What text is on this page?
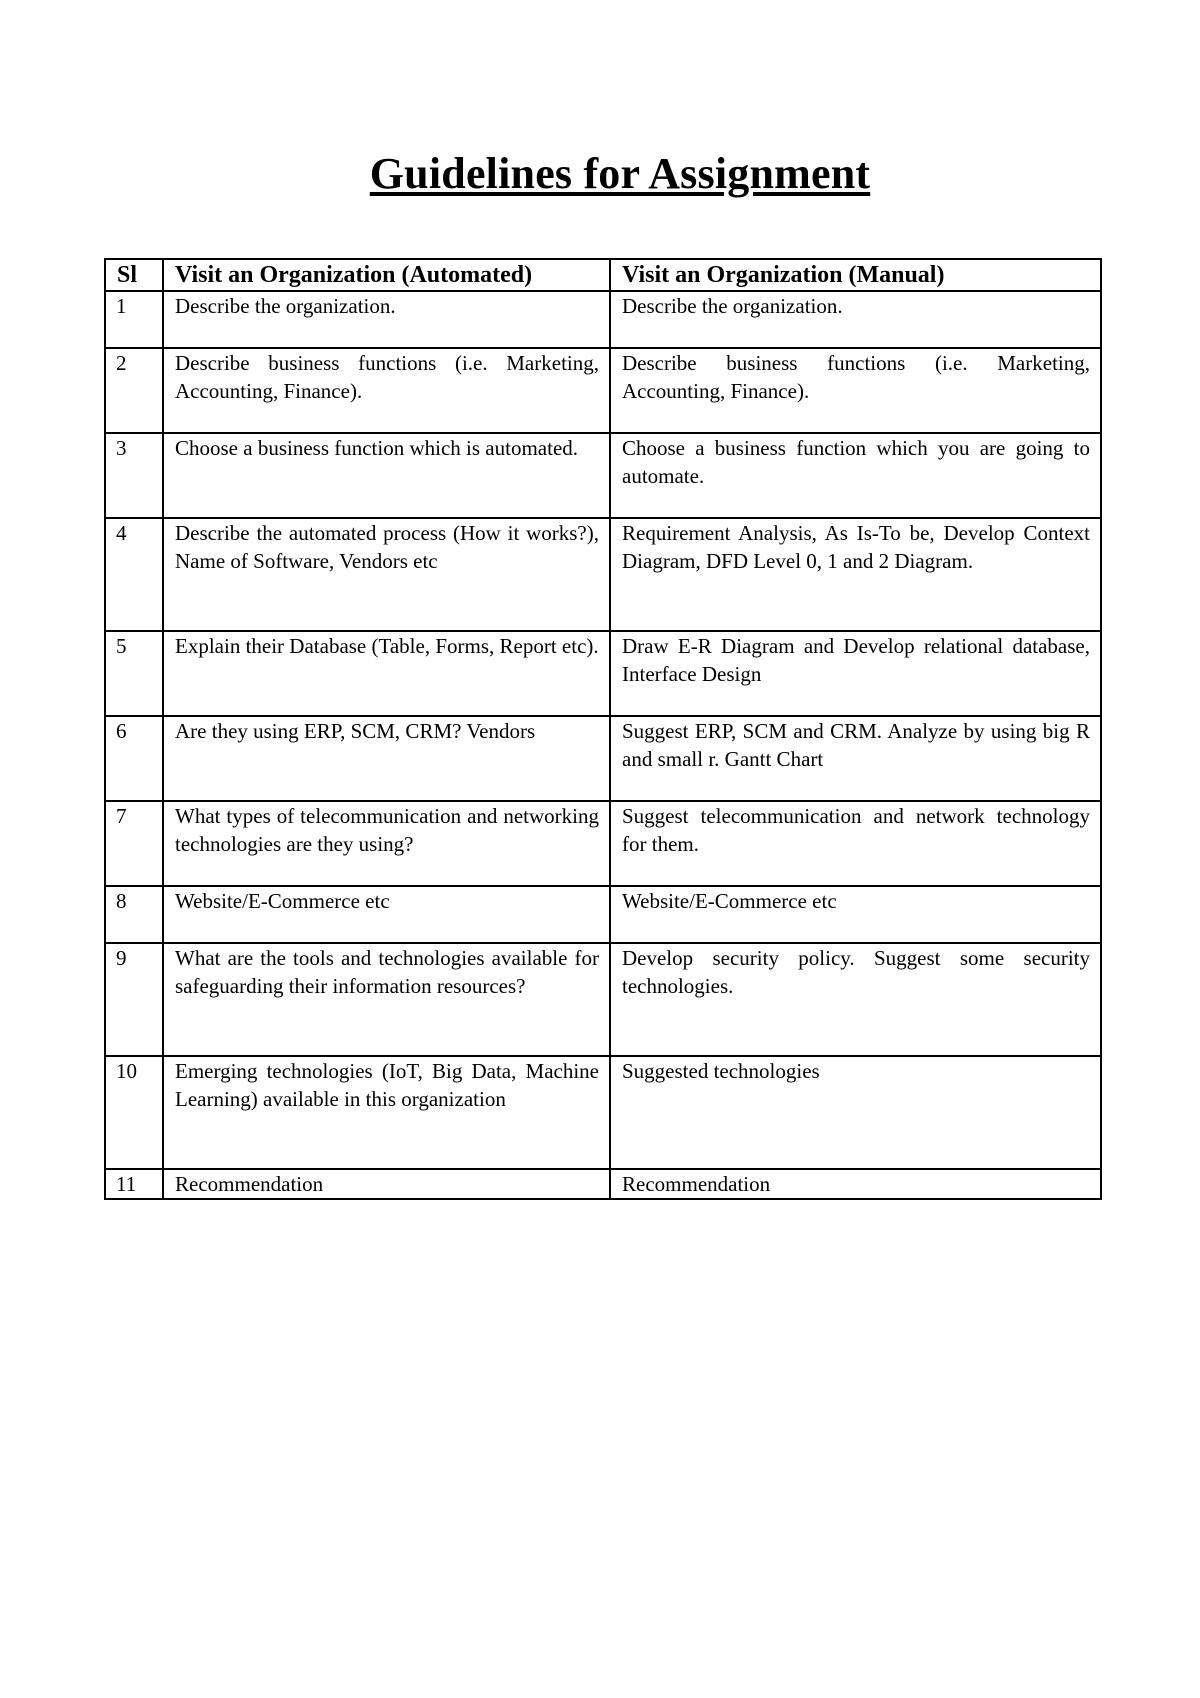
Guidelines for Assignment
Sl	Visit an Organization (Automated)	Visit an Organization (Manual)
1	Describe the organization.	Describe the organization.
2	Describe business functions (i.e. Marketing, Accounting, Finance).	Describe business functions (i.e. Marketing, Accounting, Finance).
3	Choose a business function which is automated.	Choose a business function which you are going to automate.
4	Describe the automated process (How it works?), Name of Software, Vendors etc	Requirement Analysis, As Is-To be, Develop Context Diagram, DFD Level 0, 1 and 2 Diagram.
5	Explain their Database (Table, Forms, Report etc).	Draw E-R Diagram and Develop relational database, Interface Design
6	Are they using ERP, SCM, CRM? Vendors	Suggest ERP, SCM and CRM. Analyze by using big R and small r. Gantt Chart
7	What types of telecommunication and networking technologies are they using?	Suggest telecommunication and network technology for them.
8	Website/E-Commerce etc	Website/E-Commerce etc
9	What are the tools and technologies available for safeguarding their information resources?	Develop security policy. Suggest some security technologies.
10	Emerging technologies (IoT, Big Data, Machine Learning) available in this organization	Suggested technologies
11	Recommendation	Recommendation
